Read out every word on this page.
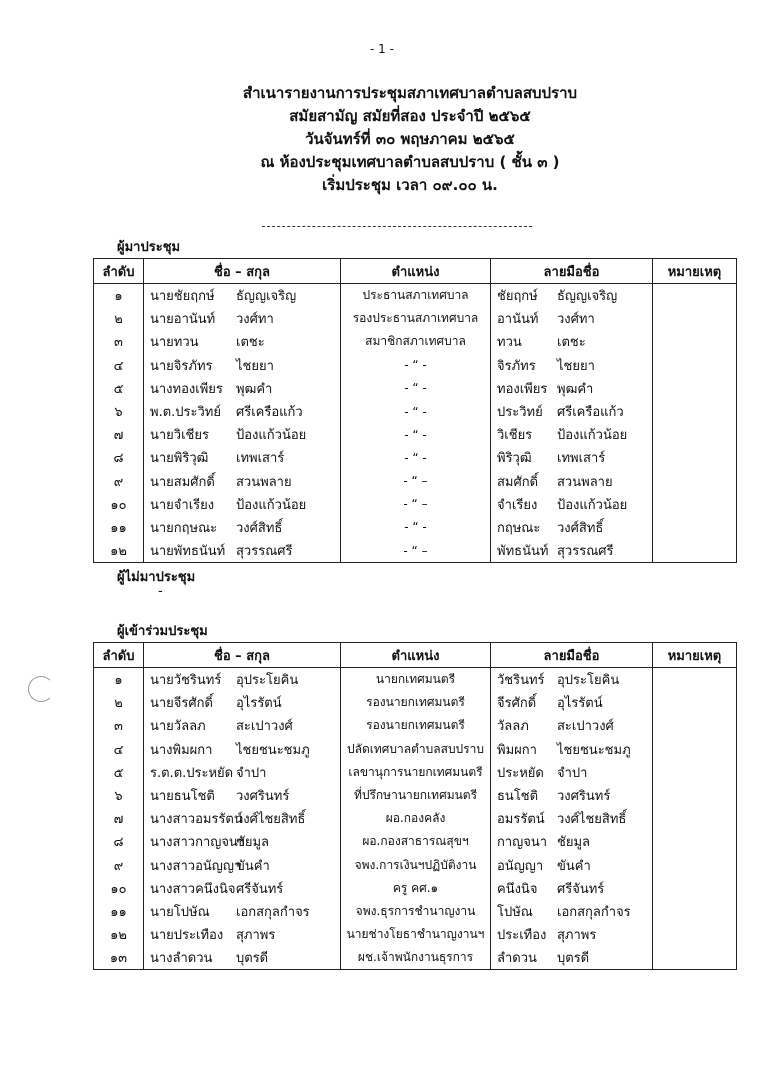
- 1 -
สำเนารายงานการประชุมสภาเทศบาลตำบลสบปราบ
สมัยสามัญ สมัยที่สอง ประจำปี ๒๕๖๕
วันจันทร์ที่ ๓๐ พฤษภาคม ๒๕๖๕
ณ ห้องประชุมเทศบาลตำบลสบปราบ ( ชั้น ๓ )
เริ่มประชุม เวลา ๐๙.๐๐ น.
ผู้มาประชุม
ลำดับ	ชื่อ – สกุล	ตำแหน่ง	ลายมือชื่อ	หมายเหตุ
๑	นายชัยฤกษ์ ธัญญเจริญ	ประธานสภาเทศบาล	ชัยฤกษ์ ธัญญเจริญ	
๒	นายอานันท์ วงศ์ทา	รองประธานสภาเทศบาล	อานันท์ วงศ์ทา	
๓	นายทวน เตชะ	สมาชิกสภาเทศบาล	ทวน เตชะ	
๔	นายจิรภัทร ไชยยา	- “ -	จิรภัทร ไชยยา	
๕	นางทองเพียร พุฒคำ	- “ -	ทองเพียร พุฒคำ	
๖	พ.ต.ประวิทย์ ศรีเครือแก้ว	- “ -	ประวิทย์ ศรีเครือแก้ว	
๗	นายวิเชียร ป้องแก้วน้อย	- “ -	วิเชียร ป้องแก้วน้อย	
๘	นายพิริวุฒิ เทพเสาร์	- “ -	พิริวุฒิ เทพเสาร์	
๙	นายสมศักดิ์ สวนพลาย	- “ –	สมศักดิ์ สวนพลาย	
๑๐	นายจำเรียง ป้องแก้วน้อย	- “ –	จำเรียง ป้องแก้วน้อย	
๑๑	นายกฤษณะ วงศ์สิทธิ์	- “ -	กฤษณะ วงศ์สิทธิ์	
๑๒	นายพัทธนันท์ สุวรรณศรี	- “ –	พัทธนันท์ สุวรรณศรี	
ผู้ไม่มาประชุม
-
ผู้เข้าร่วมประชุม
ลำดับ	ชื่อ – สกุล	ตำแหน่ง	ลายมือชื่อ	หมายเหตุ
๑	นายวัชรินทร์ อุประโยคิน	นายกเทศมนตรี	วัชรินทร์ อุประโยคิน	
๒	นายจีรศักดิ์ อุไรรัตน์	รองนายกเทศมนตรี	จีรศักดิ์ อุไรรัตน์	
๓	นายวัลลภ สะเปาวงศ์	รองนายกเทศมนตรี	วัลลภ สะเปาวงศ์	
๔	นางพิมผกา ไชยชนะชมภู	ปลัดเทศบาลตำบลสบปราบ	พิมผกา ไชยชนะชมภู	
๕	ร.ต.ต.ประหยัด จำปา	เลขานุการนายกเทศมนตรี	ประหยัด จำปา	
๖	นายธนโชติ วงศรินทร์	ที่ปรึกษานายกเทศมนตรี	ธนโชติ วงศรินทร์	
๗	นางสาวอมรรัตน์วงศ์ไชยสิทธิ์	ผอ.กองคลัง	อมรรัตน์ วงศ์ไชยสิทธิ์	
๘	นางสาวกาญจนาชัยมูล	ผอ.กองสาธารณสุขฯ	กาญจนา ชัยมูล	
๙	นางสาวอนัญญาขันคำ	จพง.การเงินฯปฏิบัติงาน	อนัญญา ขันคำ	
๑๐	นางสาวคนึงนิจศรีจันทร์	ครู คศ.๑	คนึงนิจ ศรีจันทร์	
๑๑	นายโปษัณ เอกสกุลกำจร	จพง.ธุรการชำนาญงาน	โปษัณ เอกสกุลกำจร	
๑๒	นายประเทือง สุภาพร	นายช่างโยธาชำนาญงานฯ	ประเทือง สุภาพร	
๑๓	นางลำดวน บุตรดี	ผช.เจ้าพนักงานธุรการ	ลำดวน บุตรดี	
